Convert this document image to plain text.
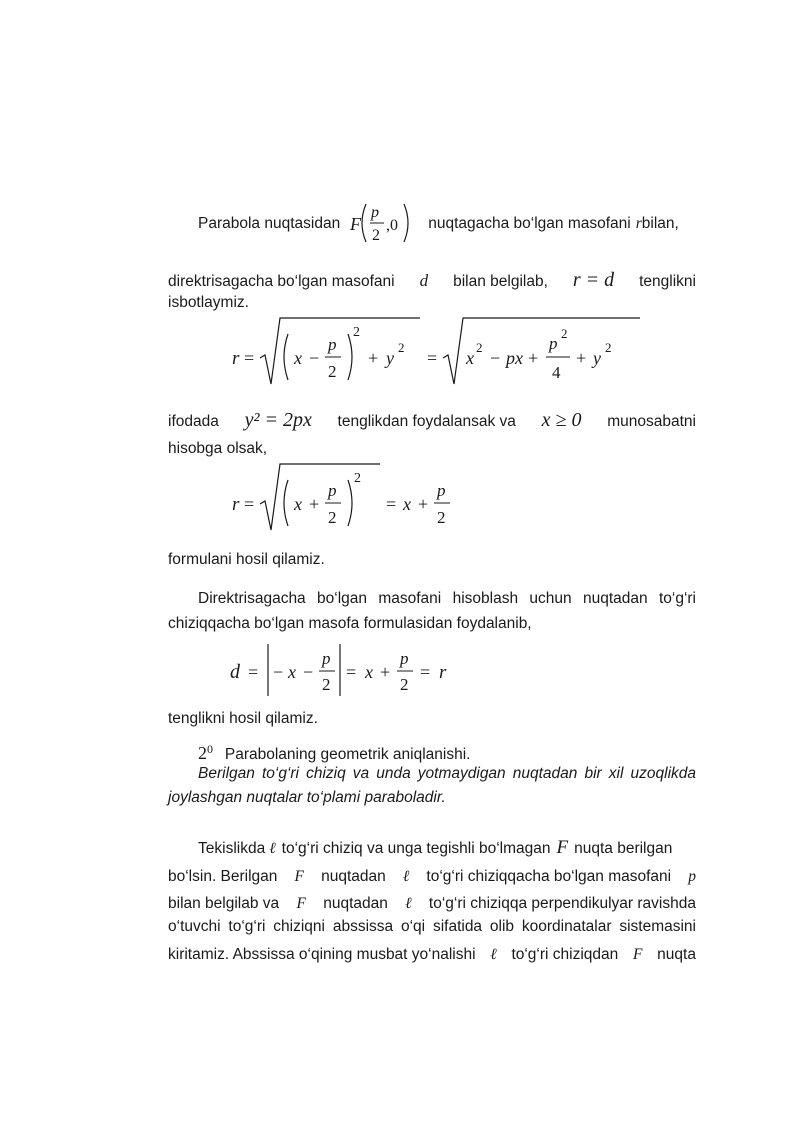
Parabola nuqtasidan F
p
2
,0 nuqtagacha bo‘lgan masofani r bilan,
direktrisagacha bo‘lgan masofani d bilan belgilab, r = d tenglikni
isbotlaymiz.
r = x −
p
2
2
+ y
2
= x
2
− px +
p
2
4
+ y
2
ifodada y² = 2px tenglikdan foydalansak va x ≥ 0 munosabatni
hisobga olsak,
r = x +
p
2
2
= x +
p
2
formulani hosil qilamiz.
Direktrisagacha bo‘lgan masofani hisoblash uchun nuqtadan to‘g‘ri chiziqqacha bo‘lgan masofa formulasidan foydalanib,
d = − x −
p
2
= x +
p
2
= r
tenglikni hosil qilamiz.
$2^0$ Parabolaning geometrik aniqlanishi.
Berilgan to‘g‘ri chiziq va unda yotmaydigan nuqtadan bir xil uzoqlikda joylashgan nuqtalar to‘plami paraboladir.
Tekislikda ℓ to‘g‘ri chiziq va unga tegishli bo‘lmagan F nuqta berilgan
bo‘lsin. Berilgan F nuqtadan ℓ to‘g‘ri chiziqqacha bo‘lgan masofani p
bilan belgilab va F nuqtadan ℓ to‘g‘ri chiziqqa perpendikulyar ravishda
o‘tuvchi to‘g‘ri chiziqni abssissa o‘qi sifatida olib koordinatalar sistemasini
kiritamiz. Abssissa o‘qining musbat yo‘nalishi ℓ to‘g‘ri chiziqdan F nuqta
